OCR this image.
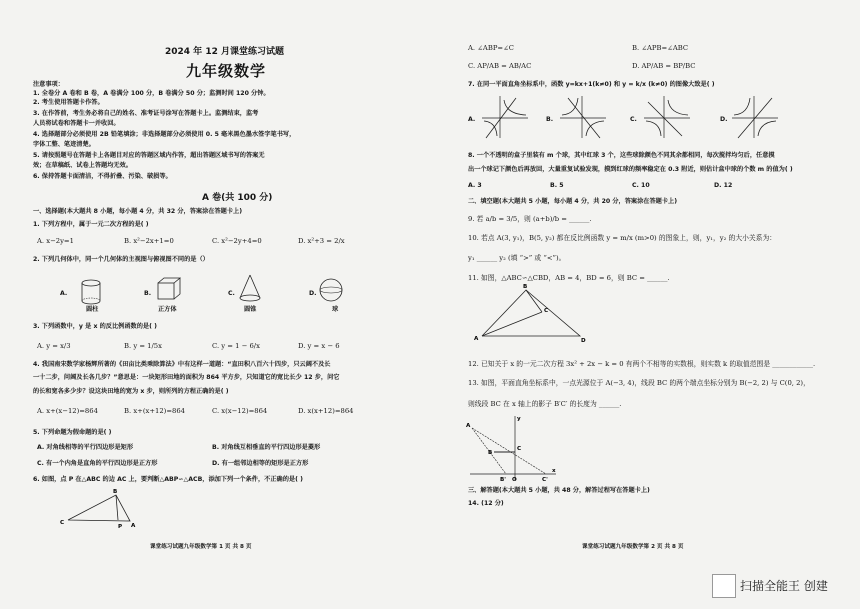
2024 年 12 月课堂练习试题
九年级数学
注意事项：
1. 全卷分 A 卷和 B 卷，A 卷满分 100 分，B 卷满分 50 分；监测时间 120 分钟。
2. 考生使用答题卡作答。
3. 在作答前，考生务必将自己的姓名、准考证号涂写在答题卡上。监测结束，监考
人员将试卷和答题卡一并收回。
4. 选择题部分必须使用 2B 铅笔填涂；非选择题部分必须使用 0. 5 毫米黑色墨水签字笔书写，
字体工整、笔迹清楚。
5. 请按照题号在答题卡上各题目对应的答题区域内作答，超出答题区域书写的答案无
效；在草稿纸、试卷上答题均无效。
6. 保持答题卡面清洁，不得折叠、污染、破损等。
A 卷(共 100 分)
一、选择题(本大题共 8 小题，每小题 4 分，共 32 分，答案涂在答题卡上)
1. 下列方程中，属于一元二次方程的是( )
A. x−2y=1	B. x²−2x+1=0	C. x²−2y+4=0	D. x²+3 = 2/x
2. 下列几何体中，同一个几何体的主视图与俯视图不同的是（）
A.	B.	C.	D.
圆柱	正方体	圆锥	球
3. 下列函数中，y 是 x 的反比例函数的是( )
A. y = x/3	B. y = 1/5x	C. y = 1 − 6/x	D. y = x − 6
4. 我国南宋数学家杨辉所著的《田亩比类乘除算法》中有这样一道题：“直田积八百六十四步，只云阔不及长
一十二步，问阔及长各几步？”意思是：一块矩形田地的面积为 864 平方步，只知道它的宽比长少 12 步，问它
的长和宽各多少步？设这块田地的宽为 x 步，则所列的方程正确的是( )
A. x+(x−12)=864	B. x+(x+12)=864	C. x(x−12)=864	D. x(x+12)=864
5. 下列命题为假命题的是( )
A. 对角线相等的平行四边形是矩形	B. 对角线互相垂直的平行四边形是菱形
C. 有一个内角是直角的平行四边形是正方形	D. 有一组邻边相等的矩形是正方形
6. 如图，点 P 在△ABC 的边 AC 上，要判断△ABP∽△ACB，添加下列一个条件，不正确的是( )
B
C
P A
课堂练习试题九年级数学第 1 页 共 8 页
A. ∠ABP=∠C	B. ∠APB=∠ABC
C. AP/AB = AB/AC	D. AP/AB = BP/BC
7. 在同一平面直角坐标系中，函数 y=kx+1(k≠0) 和 y = k/x (k≠0) 的图像大致是( )
A.	B.	C.	D.
8. 一个不透明的盒子里装有 m 个球，其中红球 3 个，这些球除颜色不同其余都相同，每次搅拌均匀后，任意摸
出一个球记下颜色后再放回，大量重复试验发现，摸到红球的频率稳定在 0.3 附近，则估计盒中球的个数 m 的值为( )
A. 3	B. 5	C. 10	D. 12
二、填空题(本大题共 5 小题，每小题 4 分，共 20 分，答案涂在答题卡上)
9. 若 a/b = 3/5，则 (a+b)/b = ______.
10. 若点 A(3, y₁)，B(5, y₂) 都在反比例函数 y = m/x (m>0) 的图象上，则，y₁，y₂ 的大小关系为：
y₁ ______ y₂ (填 “>” 或 “<”)。
11. 如图，△ABC∽△CBD，AB = 4，BD = 6，则 BC = ______.
B
A
C
D
12. 已知关于 x 的一元二次方程 3x² + 2x − k = 0 有两个不相等的实数根，则实数 k 的取值范围是 ____________.
13. 如图，平面直角坐标系中，一点光源位于 A(−3, 4)，线段 BC 的两个端点坐标分别为 B(−2, 2) 与 C(0, 2)，
则线段 BC 在 x 轴上的影子 B′C′ 的长度为 ______.
A
B
C
B' O	C'
x
y
三、解答题(本大题共 5 小题，共 48 分，解答过程写在答题卡上)
14. (12 分)
课堂练习试题九年级数学第 2 页 共 8 页
扫描全能王 创建
